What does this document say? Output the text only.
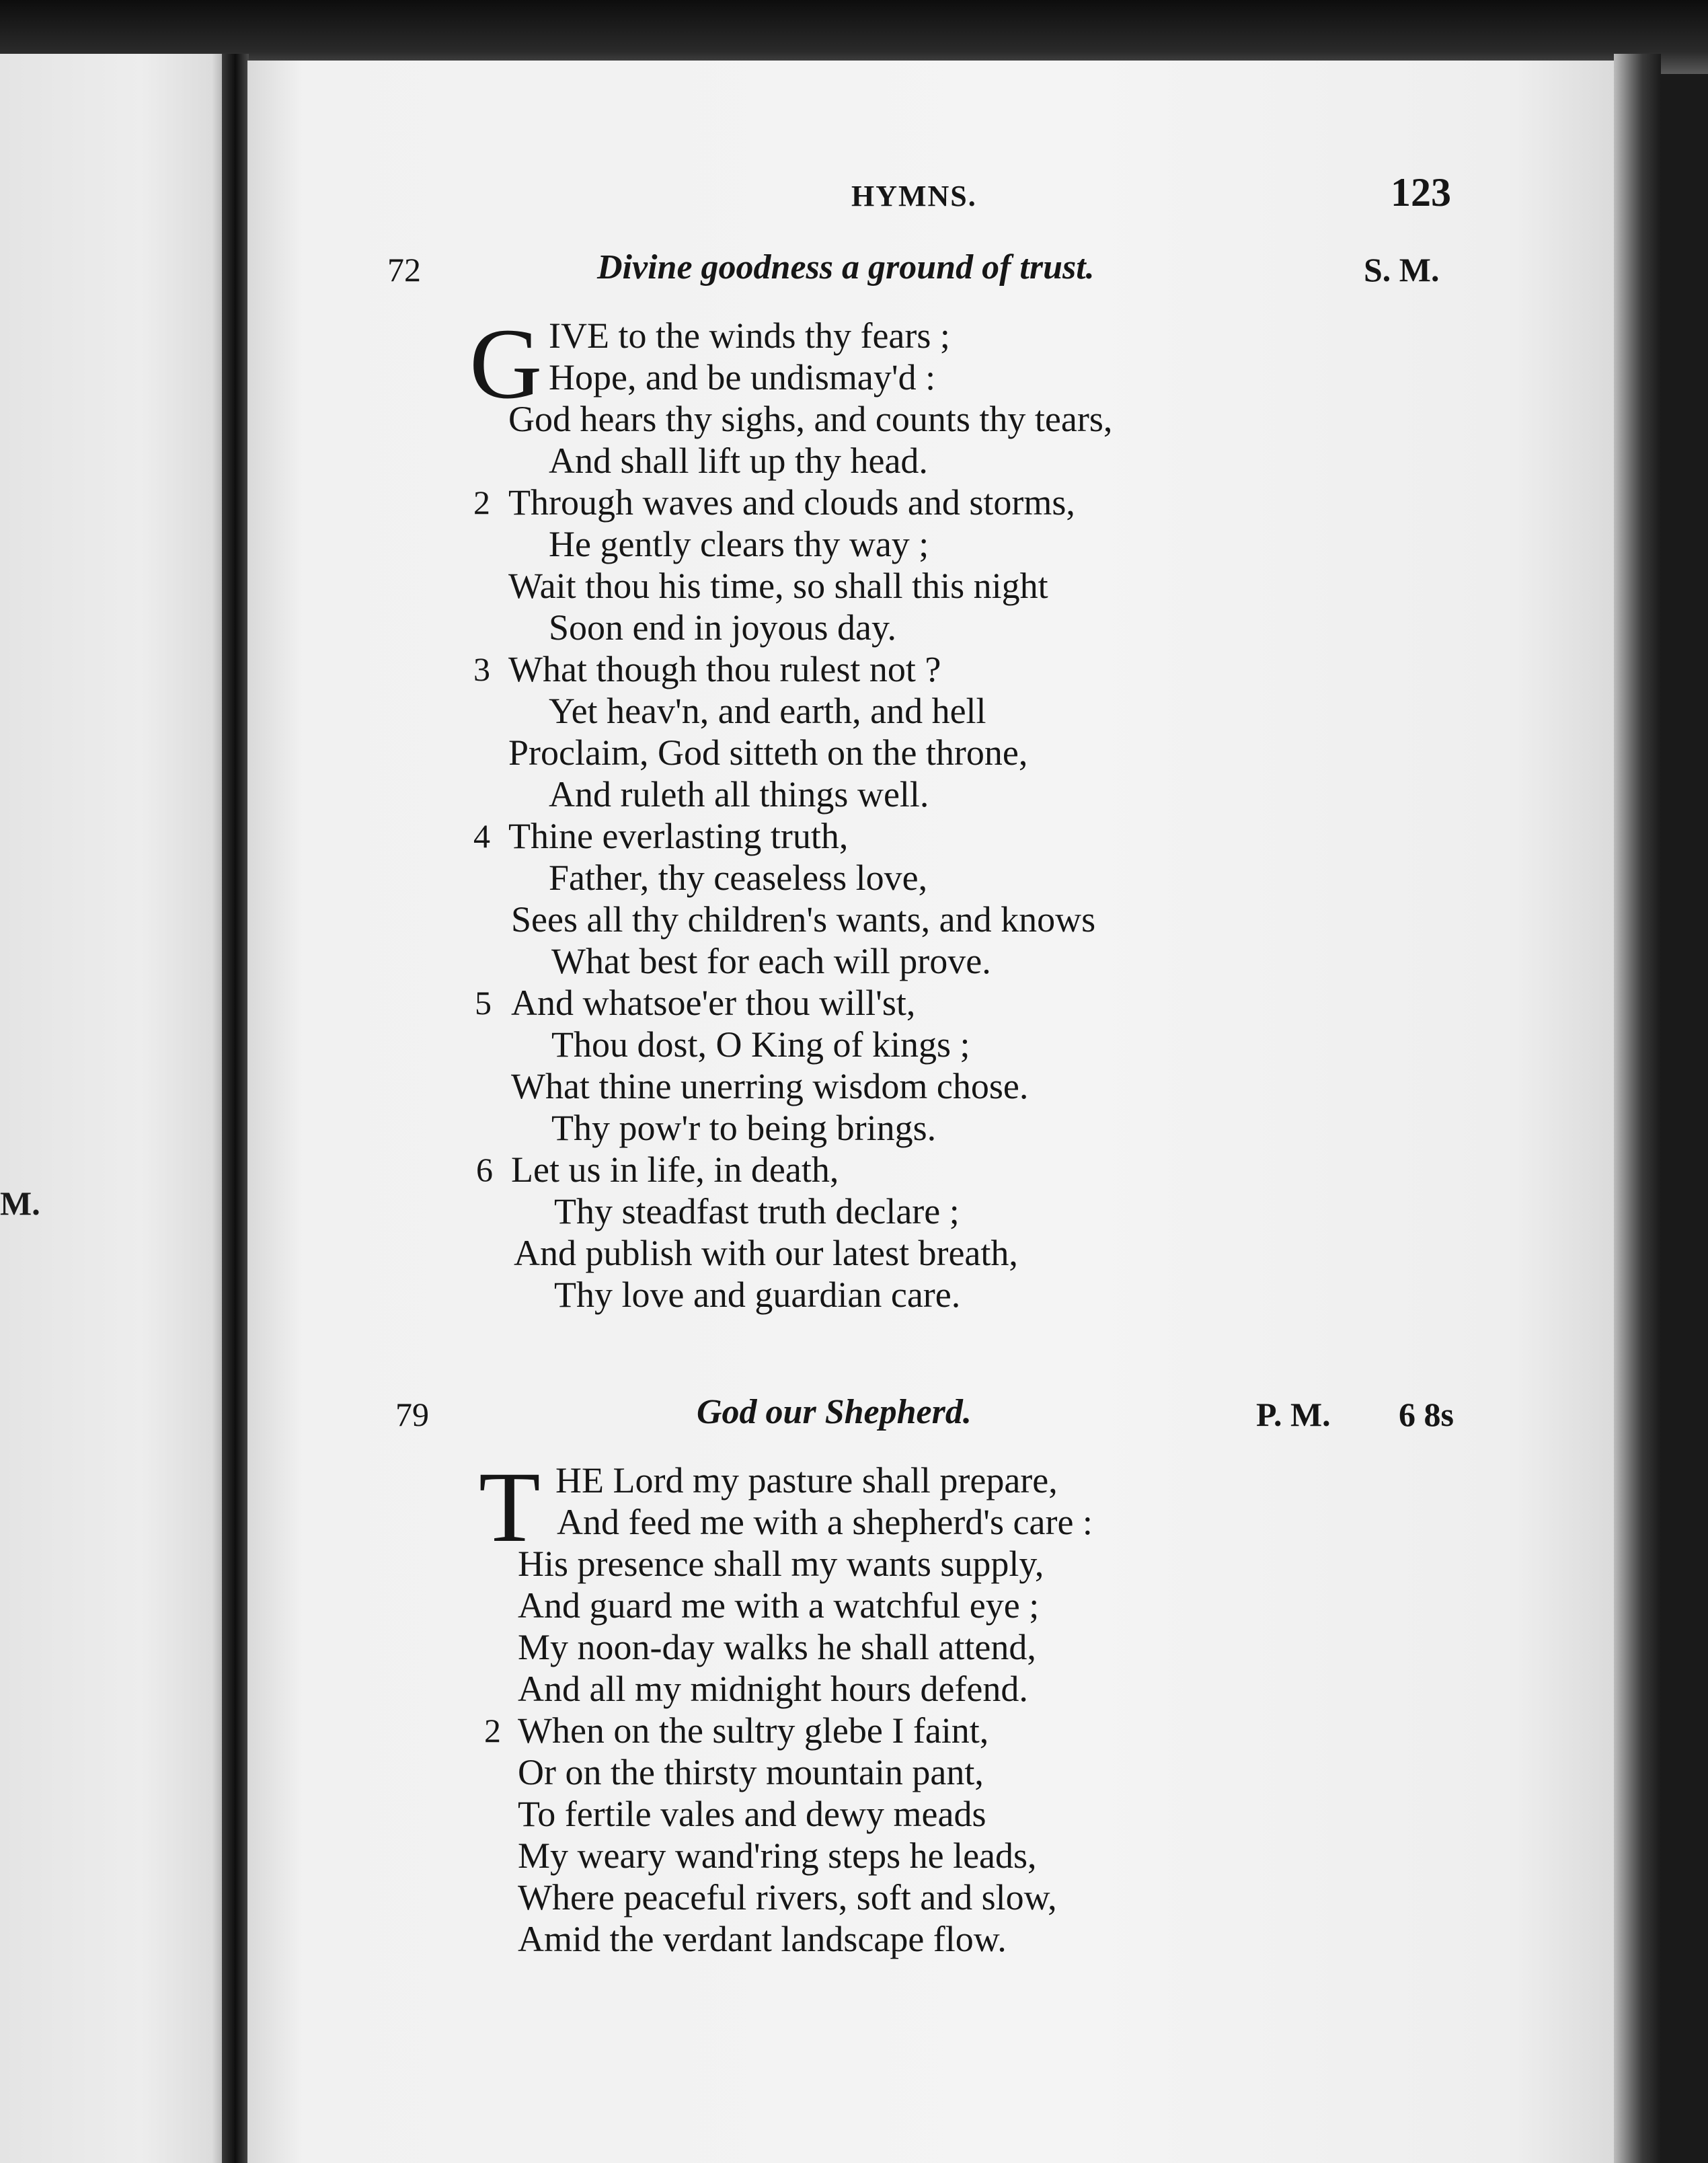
M.
HYMNS.	123
72	Divine goodness a ground of trust.	S. M.
G IVE to the winds thy fears ;
Hope, and be undismay'd :
God hears thy sighs, and counts thy tears,
And shall lift up thy head.
2 Through waves and clouds and storms,
He gently clears thy way ;
Wait thou his time, so shall this night
Soon end in joyous day.
3 What though thou rulest not ?
Yet heav'n, and earth, and hell
Proclaim, God sitteth on the throne,
And ruleth all things well.
4 Thine everlasting truth,
Father, thy ceaseless love,
Sees all thy children's wants, and knows
What best for each will prove.
5 And whatsoe'er thou will'st,
Thou dost, O King of kings ;
What thine unerring wisdom chose.
Thy pow'r to being brings.
6 Let us in life, in death,
Thy steadfast truth declare ;
And publish with our latest breath,
Thy love and guardian care.
79	God our Shepherd.	P. M. 6 8s
T HE Lord my pasture shall prepare,
And feed me with a shepherd's care :
His presence shall my wants supply,
And guard me with a watchful eye ;
My noon-day walks he shall attend,
And all my midnight hours defend.
2 When on the sultry glebe I faint,
Or on the thirsty mountain pant,
To fertile vales and dewy meads
My weary wand'ring steps he leads,
Where peaceful rivers, soft and slow,
Amid the verdant landscape flow.
